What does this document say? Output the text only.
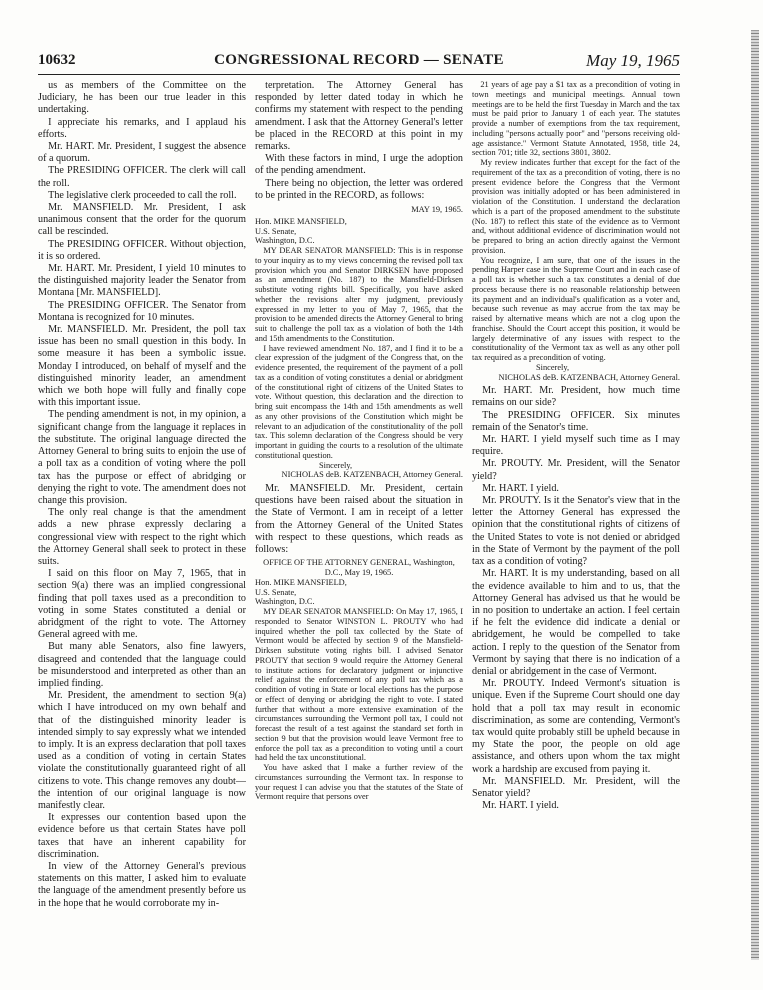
10632	CONGRESSIONAL RECORD — SENATE	May 19, 1965

us as members of the Committee on the Judiciary, he has been our true leader in this undertaking.

I appreciate his remarks, and I applaud his efforts.

Mr. HART. Mr. President, I suggest the absence of a quorum.

The PRESIDING OFFICER. The clerk will call the roll.

The legislative clerk proceeded to call the roll.

Mr. MANSFIELD. Mr. President, I ask unanimous consent that the order for the quorum call be rescinded.

The PRESIDING OFFICER. Without objection, it is so ordered.

Mr. HART. Mr. President, I yield 10 minutes to the distinguished majority leader the Senator from Montana [Mr. MANSFIELD].

The PRESIDING OFFICER. The Senator from Montana is recognized for 10 minutes.

Mr. MANSFIELD. Mr. President, the poll tax issue has been no small question in this body. In some measure it has been a symbolic issue. Monday I introduced, on behalf of myself and the distinguished minority leader, an amendment which we both hope will fully and finally cope with this important issue.

The pending amendment is not, in my opinion, a significant change from the language it replaces in the substitute. The original language directed the Attorney General to bring suits to enjoin the use of a poll tax as a condition of voting where the poll tax has the purpose or effect of abridging or denying the right to vote. The amendment does not change this provision.

The only real change is that the amendment adds a new phrase expressly declaring a congressional view with respect to the right which the Attorney General shall seek to protect in these suits.

I said on this floor on May 7, 1965, that in section 9(a) there was an implied congressional finding that poll taxes used as a precondition to voting in some States constituted a denial or abridgment of the right to vote. The Attorney General agreed with me.

But many able Senators, also fine lawyers, disagreed and contended that the language could be misunderstood and interpreted as other than an implied finding.

Mr. President, the amendment to section 9(a) which I have introduced on my own behalf and that of the distinguished minority leader is intended simply to say expressly what we intended to imply. It is an express declaration that poll taxes used as a condition of voting in certain States violate the constitutionally guaranteed right of all citizens to vote. This change removes any doubt—the intention of our original language is now manifestly clear.

It expresses our contention based upon the evidence before us that certain States have poll taxes that have an inherent capability for discrimination.

In view of the Attorney General's previous statements on this matter, I asked him to evaluate the language of the amendment presently before us in the hope that he would corroborate my in-

terpretation. The Attorney General has responded by letter dated today in which he confirms my statement with respect to the pending amendment. I ask that the Attorney General's letter be placed in the RECORD at this point in my remarks.

With these factors in mind, I urge the adoption of the pending amendment.

There being no objection, the letter was ordered to be printed in the RECORD, as follows:

MAY 19, 1965.

Hon. MIKE MANSFIELD,

U.S. Senate,

Washington, D.C.

MY DEAR SENATOR MANSFIELD: This is in response to your inquiry as to my views concerning the revised poll tax provision which you and Senator DIRKSEN have proposed as an amendment (No. 187) to the Mansfield-Dirksen substitute voting rights bill. Specifically, you have asked whether the revisions alter my judgment, previously expressed in my letter to you of May 7, 1965, that the provision to be amended directs the Attorney General to bring suit to challenge the poll tax as a violation of both the 14th and 15th amendments to the Constitution.

I have reviewed amendment No. 187, and I find it to be a clear expression of the judgment of the Congress that, on the evidence presented, the requirement of the payment of a poll tax as a condition of voting constitutes a denial or abridgment of the constitutional right of citizens of the United States to vote. Without question, this declaration and the direction to bring suit encompass the 14th and 15th amendments as well as any other provisions of the Constitution which might be relevant to an adjudication of the constitutionality of the poll tax. This solemn declaration of the Congress should be very important in guiding the courts to a resolution of the ultimate constitutional question.

Sincerely,

NICHOLAS deB. KATZENBACH, Attorney General.

Mr. MANSFIELD. Mr. President, certain questions have been raised about the situation in the State of Vermont. I am in receipt of a letter from the Attorney General of the United States with respect to these questions, which reads as follows:

OFFICE OF THE ATTORNEY GENERAL, Washington, D.C., May 19, 1965.

Hon. MIKE MANSFIELD,

U.S. Senate,

Washington, D.C.

MY DEAR SENATOR MANSFIELD: On May 17, 1965, I responded to Senator WINSTON L. PROUTY who had inquired whether the poll tax collected by the State of Vermont would be affected by section 9 of the Mansfield-Dirksen substitute voting rights bill. I advised Senator PROUTY that section 9 would require the Attorney General to institute actions for declaratory judgment or injunctive relief against the enforcement of any poll tax which as a condition of voting in State or local elections has the purpose or effect of denying or abridging the right to vote. I stated further that without a more extensive examination of the circumstances surrounding the Vermont poll tax, I could not forecast the result of a test against the standard set forth in section 9 but that the provision would leave Vermont free to enforce the poll tax as a precondition to voting until a court had held the tax unconstitutional.

You have asked that I make a further review of the circumstances surrounding the Vermont tax. In response to your request I can advise you that the statutes of the State of Vermont require that persons over

21 years of age pay a $1 tax as a precondition of voting in town meetings and municipal meetings. Annual town meetings are to be held the first Tuesday in March and the tax must be paid prior to January 1 of each year. The statutes provide a number of exemptions from the tax requirement, including "persons actually poor" and "persons receiving old-age assistance." Vermont Statute Annotated, 1958, title 24, section 701; title 32, sections 3801, 3802.

My review indicates further that except for the fact of the requirement of the tax as a precondition of voting, there is no present evidence before the Congress that the Vermont provision was initially adopted or has been administered in violation of the Constitution. I understand the declaration which is a part of the proposed amendment to the substitute (No. 187) to reflect this state of the evidence as to Vermont and, without additional evidence of discrimination would not be prepared to bring an action directly against the Vermont provision.

You recognize, I am sure, that one of the issues in the pending Harper case in the Supreme Court and in each case of a poll tax is whether such a tax constitutes a denial of due process because there is no reasonable relationship between its payment and an individual's qualification as a voter and, because such revenue as may accrue from the tax may be raised by alternative means which are not a clog upon the franchise. Should the Court accept this position, it would be largely determinative of any issues with respect to the constitutionality of the Vermont tax as well as any other poll tax required as a precondition of voting.

Sincerely,

NICHOLAS deB. KATZENBACH, Attorney General.

Mr. HART. Mr. President, how much time remains on our side?

The PRESIDING OFFICER. Six minutes remain of the Senator's time.

Mr. HART. I yield myself such time as I may require.

Mr. PROUTY. Mr. President, will the Senator yield?

Mr. HART. I yield.

Mr. PROUTY. Is it the Senator's view that in the letter the Attorney General has expressed the opinion that the constitutional rights of citizens of the United States to vote is not denied or abridged in the State of Vermont by the payment of the poll tax as a condition of voting?

Mr. HART. It is my understanding, based on all the evidence available to him and to us, that the Attorney General has advised us that he would be in no position to undertake an action. I feel certain if he felt the evidence did indicate a denial or abridgement, he would be compelled to take action. I reply to the question of the Senator from Vermont by saying that there is no indication of a denial or abridgement in the case of Vermont.

Mr. PROUTY. Indeed Vermont's situation is unique. Even if the Supreme Court should one day hold that a poll tax may result in economic discrimination, as some are contending, Vermont's tax would quite probably still be upheld because in my State the poor, the people on old age assistance, and others upon whom the tax might work a hardship are excused from paying it.

Mr. MANSFIELD. Mr. President, will the Senator yield?

Mr. HART. I yield.
